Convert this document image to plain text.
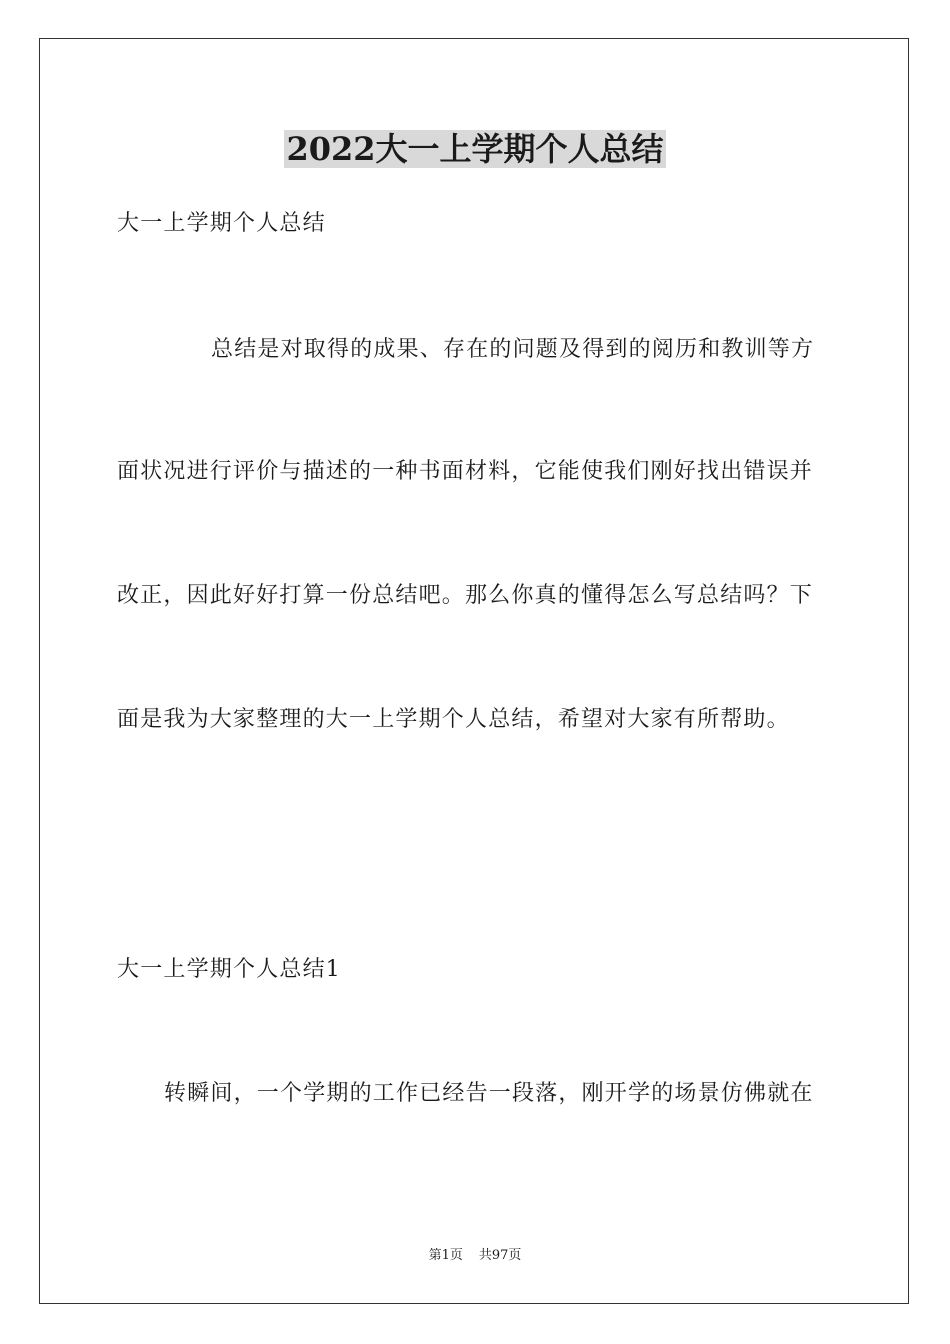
2022大一上学期个人总结
大一上学期个人总结
总结是对取得的成果、存在的问题及得到的阅历和教训等方
面状况进行评价与描述的一种书面材料，它能使我们刚好找出错误并
改正，因此好好打算一份总结吧。那么你真的懂得怎么写总结吗？下
面是我为大家整理的大一上学期个人总结，希望对大家有所帮助。
大一上学期个人总结1
转瞬间，一个学期的工作已经告一段落，刚开学的场景仿佛就在
第1页 共97页
